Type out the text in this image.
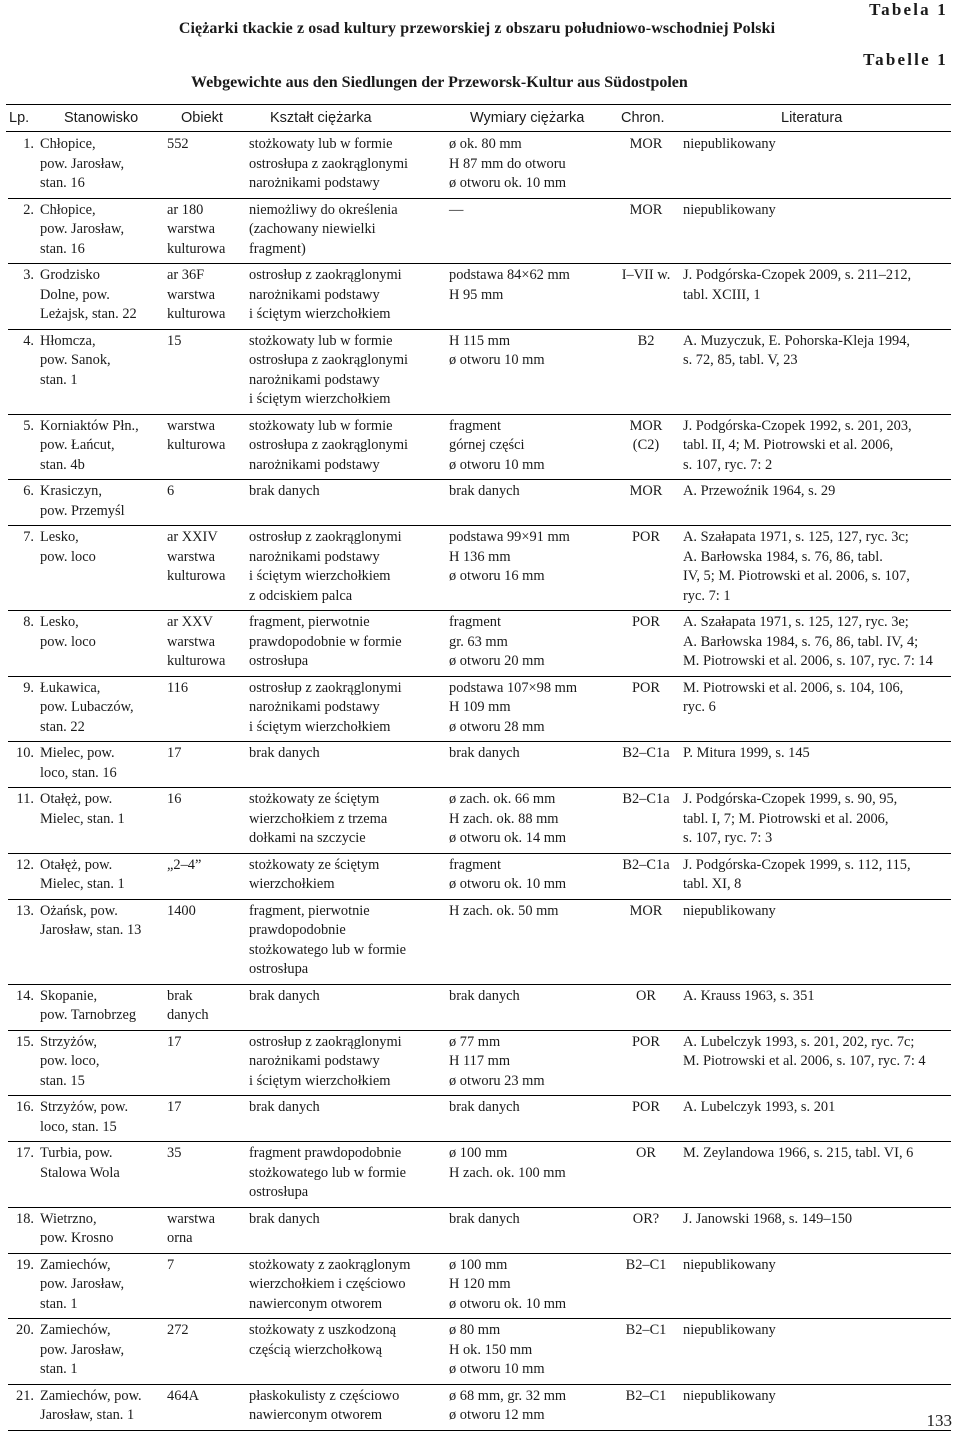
Ciężarki tkackie z osad kultury przeworskiej z obszaru południowo-wschodniej Polski
Tabela 1
Tabelle 1
Webgewichte aus den Siedlungen der Przeworsk-Kultur aus Südostpolen
Lp. Stanowisko	Obiekt	Kształt ciężarka	Wymiary ciężarka	Chron.	Literatura
1.	Chłopice,
pow. Jarosław,
stan. 16	552	stożkowaty lub w formie
ostrosłupa z zaokrąglonymi
narożnikami podstawy	ø ok. 80 mm
H 87 mm do otworu
ø otworu ok. 10 mm	MOR	niepublikowany

2.	Chłopice,
pow. Jarosław,
stan. 16	ar 180
warstwa
kulturowa	niemożliwy do określenia
(zachowany niewielki
fragment)	—	MOR	niepublikowany

3.	Grodzisko
Dolne, pow.
Leżajsk, stan. 22	ar 36F
warstwa
kulturowa	ostrosłup z zaokrąglonymi
narożnikami podstawy
i ściętym wierzchołkiem	podstawa 84×62 mm
H 95 mm	I–VII w.	J. Podgórska-Czopek 2009, s. 211–212,
tabl. XCIII, 1

4.	Hłomcza,
pow. Sanok,
stan. 1	15	stożkowaty lub w formie
ostrosłupa z zaokrąglonymi
narożnikami podstawy
i ściętym wierzchołkiem	H 115 mm
ø otworu 10 mm	B2	A. Muzyczuk, E. Pohorska-Kleja 1994,
s. 72, 85, tabl. V, 23

5.	Korniaktów Płn.,
pow. Łańcut,
stan. 4b	warstwa
kulturowa	stożkowaty lub w formie
ostrosłupa z zaokrąglonymi
narożnikami podstawy	fragment
górnej części
ø otworu 10 mm	MOR
(C2)	J. Podgórska-Czopek 1992, s. 201, 203,
tabl. II, 4; M. Piotrowski et al. 2006,
s. 107, ryc. 7: 2

6.	Krasiczyn,
pow. Przemyśl	6	brak danych	brak danych	MOR	A. Przewoźnik 1964, s. 29

7.	Lesko,
pow. loco	ar XXIV
warstwa
kulturowa	ostrosłup z zaokrąglonymi
narożnikami podstawy
i ściętym wierzchołkiem
z odciskiem palca	podstawa 99×91 mm
H 136 mm
ø otworu 16 mm	POR	A. Szałapata 1971, s. 125, 127, ryc. 3c;
A. Barłowska 1984, s. 76, 86, tabl.
IV, 5; M. Piotrowski et al. 2006, s. 107,
ryc. 7: 1

8.	Lesko,
pow. loco	ar XXV
warstwa
kulturowa	fragment, pierwotnie
prawdopodobnie w formie
ostrosłupa	fragment
gr. 63 mm
ø otworu 20 mm	POR	A. Szałapata 1971, s. 125, 127, ryc. 3e;
A. Barłowska 1984, s. 76, 86, tabl. IV, 4;
M. Piotrowski et al. 2006, s. 107, ryc. 7: 14

9.	Łukawica,
pow. Lubaczów,
stan. 22	116	ostrosłup z zaokrąglonymi
narożnikami podstawy
i ściętym wierzchołkiem	podstawa 107×98 mm
H 109 mm
ø otworu 28 mm	POR	M. Piotrowski et al. 2006, s. 104, 106,
ryc. 6

10.	Mielec, pow.
loco, stan. 16	17	brak danych	brak danych	B2–C1a	P. Mitura 1999, s. 145

11.	Otałęż, pow.
Mielec, stan. 1	16	stożkowaty ze ściętym
wierzchołkiem z trzema
dołkami na szczycie	ø zach. ok. 66 mm
H zach. ok. 88 mm
ø otworu ok. 14 mm	B2–C1a	J. Podgórska-Czopek 1999, s. 90, 95,
tabl. I, 7; M. Piotrowski et al. 2006,
s. 107, ryc. 7: 3

12.	Otałęż, pow.
Mielec, stan. 1	„2–4”	stożkowaty ze ściętym
wierzchołkiem	fragment
ø otworu ok. 10 mm	B2–C1a	J. Podgórska-Czopek 1999, s. 112, 115,
tabl. XI, 8

13.	Ożańsk, pow.
Jarosław, stan. 13	1400	fragment, pierwotnie
prawdopodobnie
stożkowatego lub w formie
ostrosłupa	H zach. ok. 50 mm	MOR	niepublikowany

14.	Skopanie,
pow. Tarnobrzeg	brak
danych	brak danych	brak danych	OR	A. Krauss 1963, s. 351

15.	Strzyżów,
pow. loco,
stan. 15	17	ostrosłup z zaokrąglonymi
narożnikami podstawy
i ściętym wierzchołkiem	ø 77 mm
H 117 mm
ø otworu 23 mm	POR	A. Lubelczyk 1993, s. 201, 202, ryc. 7c;
M. Piotrowski et al. 2006, s. 107, ryc. 7: 4

16.	Strzyżów, pow.
loco, stan. 15	17	brak danych	brak danych	POR	A. Lubelczyk 1993, s. 201

17.	Turbia, pow.
Stalowa Wola	35	fragment prawdopodobnie
stożkowatego lub w formie
ostrosłupa	ø 100 mm
H zach. ok. 100 mm	OR	M. Zeylandowa 1966, s. 215, tabl. VI, 6

18.	Wietrzno,
pow. Krosno	warstwa
orna	brak danych	brak danych	OR?	J. Janowski 1968, s. 149–150

19.	Zamiechów,
pow. Jarosław,
stan. 1	7	stożkowaty z zaokrąglonym
wierzchołkiem i częściowo
nawierconym otworem	ø 100 mm
H 120 mm
ø otworu ok. 10 mm	B2–C1	niepublikowany

20.	Zamiechów,
pow. Jarosław,
stan. 1	272	stożkowaty z uszkodzoną
częścią wierzchołkową	ø 80 mm
H ok. 150 mm
ø otworu 10 mm	B2–C1	niepublikowany

21.	Zamiechów, pow.
Jarosław, stan. 1	464A	płaskokulisty z częściowo
nawierconym otworem	ø 68 mm, gr. 32 mm
ø otworu 12 mm	B2–C1	niepublikowany
133
